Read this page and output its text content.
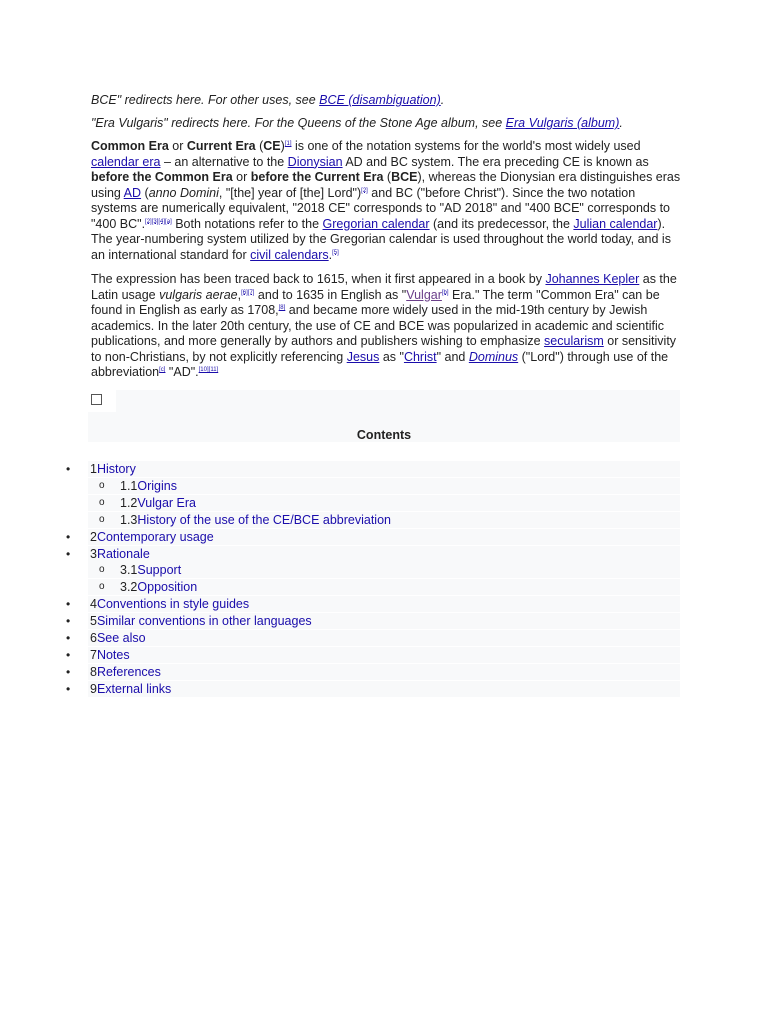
BCE" redirects here. For other uses, see BCE (disambiguation).

"Era Vulgaris" redirects here. For the Queens of the Stone Age album, see Era Vulgaris (album).

Common Era or Current Era (CE)[1] is one of the notation systems for the world's most widely used calendar era – an alternative to the Dionysian AD and BC system. The era preceding CE is known as before the Common Era or before the Current Era (BCE), whereas the Dionysian era distinguishes eras using AD (anno Domini, "[the] year of [the] Lord")[2] and BC ("before Christ"). Since the two notation systems are numerically equivalent, "2018 CE" corresponds to "AD 2018" and "400 BCE" corresponds to "400 BC".[2][3][4][a] Both notations refer to the Gregorian calendar (and its predecessor, the Julian calendar). The year-numbering system utilized by the Gregorian calendar is used throughout the world today, and is an international standard for civil calendars.[5]

The expression has been traced back to 1615, when it first appeared in a book by Johannes Kepler as the Latin usage vulgaris aerae,[6][7] and to 1635 in English as "Vulgar[b] Era." The term "Common Era" can be found in English as early as 1708,[8] and became more widely used in the mid-19th century by Jewish academics. In the later 20th century, the use of CE and BCE was popularized in academic and scientific publications, and more generally by authors and publishers wishing to emphasize secularism or sensitivity to non-Christians, by not explicitly referencing Jesus as "Christ" and Dominus ("Lord") through use of the abbreviation[c] "AD".[10][11]

Contents
• 1History
o 1.1Origins
o 1.2Vulgar Era
o 1.3History of the use of the CE/BCE abbreviation
• 2Contemporary usage
• 3Rationale
o 3.1Support
o 3.2Opposition
• 4Conventions in style guides
• 5Similar conventions in other languages
• 6See also
• 7Notes
• 8References
• 9External links
